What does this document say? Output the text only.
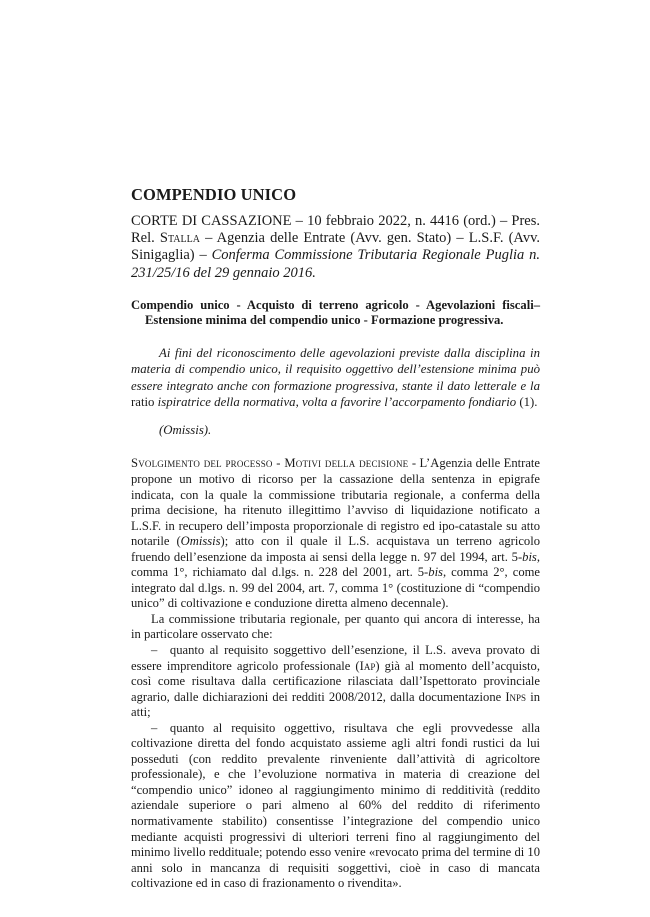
COMPENDIO UNICO

CORTE DI CASSAZIONE – 10 febbraio 2022, n. 4416 (ord.) – Pres. Rel. Stalla – Agenzia delle Entrate (Avv. gen. Stato) – L.S.F. (Avv. Sinigaglia) – Conferma Commissione Tributaria Regionale Puglia n. 231/25/16 del 29 gennaio 2016.

Compendio unico - Acquisto di terreno agricolo - Agevolazioni fiscali– Estensione minima del compendio unico - Formazione progressiva.
Ai fini del riconoscimento delle agevolazioni previste dalla disciplina in materia di compendio unico, il requisito oggettivo dell’estensione minima può essere integrato anche con formazione progressiva, stante il dato letterale e la ratio ispiratrice della normativa, volta a favorire l’accorpamento fondiario (1).
(Omissis).

Svolgimento del processo - Motivi della decisione - L’Agenzia delle Entrate propone un motivo di ricorso per la cassazione della sentenza in epigrafe indicata, con la quale la commissione tributaria regionale, a conferma della prima decisione, ha ritenuto illegittimo l’avviso di liquidazione notificato a L.S.F. in recupero dell’imposta proporzionale di registro ed ipo-catastale su atto notarile (Omissis); atto con il quale il L.S. acquistava un terreno agricolo fruendo dell’esenzione da imposta ai sensi della legge n. 97 del 1994, art. 5-bis, comma 1°, richiamato dal d.lgs. n. 228 del 2001, art. 5-bis, comma 2°, come integrato dal d.lgs. n. 99 del 2004, art. 7, comma 1° (costituzione di “compendio unico” di coltivazione e conduzione diretta almeno decennale).

La commissione tributaria regionale, per quanto qui ancora di interesse, ha in particolare osservato che:

– quanto al requisito soggettivo dell’esenzione, il L.S. aveva provato di essere imprenditore agricolo professionale (Iap) già al momento dell’acquisto, così come risultava dalla certificazione rilasciata dall’Ispettorato provinciale agrario, dalle dichiarazioni dei redditi 2008/2012, dalla documentazione Inps in atti;

– quanto al requisito oggettivo, risultava che egli provvedesse alla coltivazione diretta del fondo acquistato assieme agli altri fondi rustici da lui posseduti (con reddito prevalente rinveniente dall’attività di agricoltore professionale), e che l’evoluzione normativa in materia di creazione del “compendio unico” idoneo al raggiungimento minimo di redditività (reddito aziendale superiore o pari almeno al 60% del reddito di riferimento normativamente stabilito) consentisse l’integrazione del compendio unico mediante acquisti progressivi di ulteriori terreni fino al raggiungimento del minimo livello reddituale; potendo esso venire «revocato prima del termine di 10 anni solo in mancanza di requisiti soggettivi, cioè in caso di mancata coltivazione ed in caso di frazionamento o rivendita».
